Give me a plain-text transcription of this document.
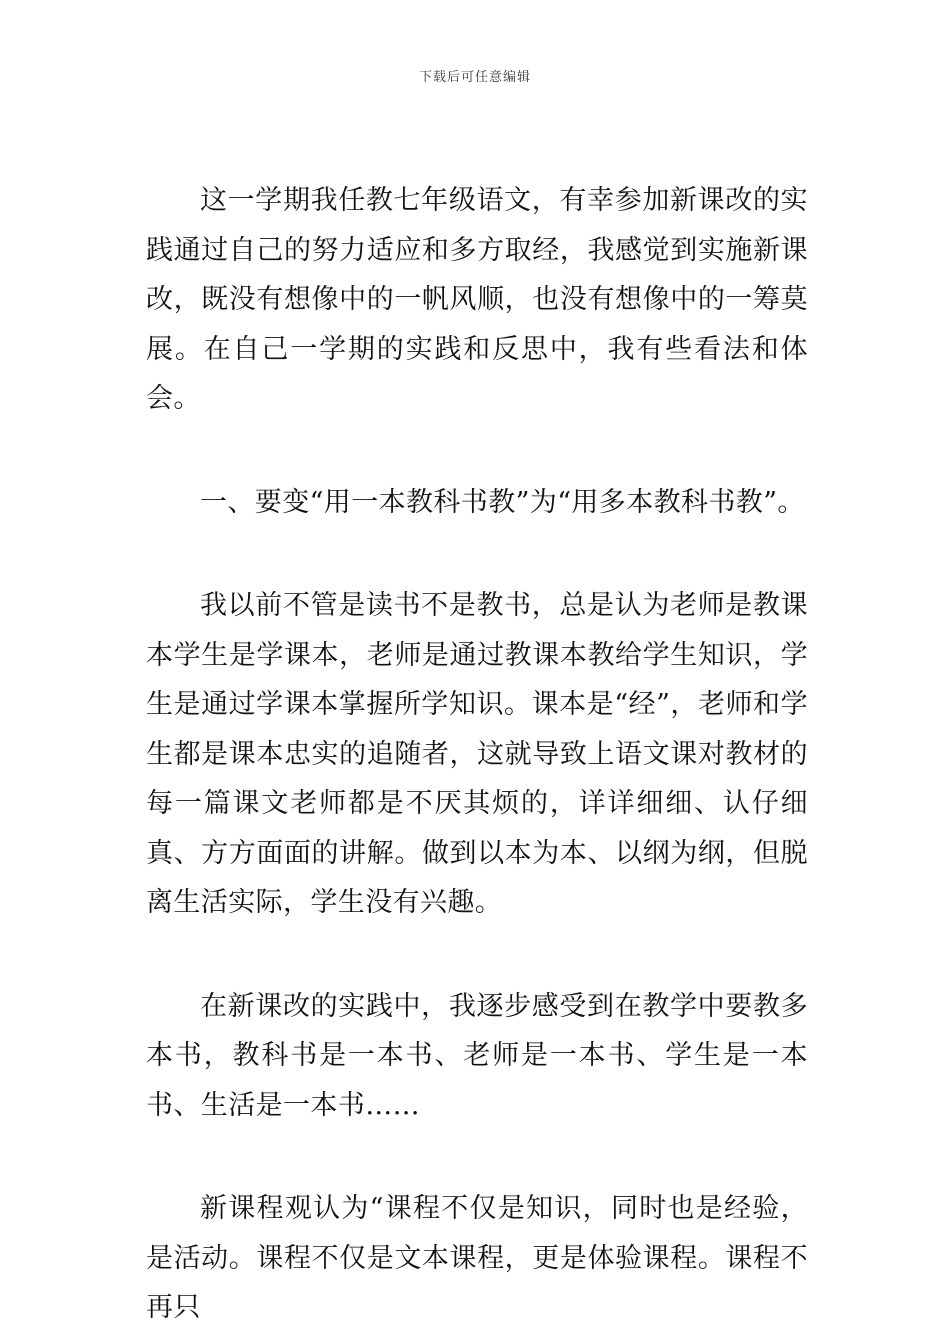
下载后可任意编辑

这一学期我任教七年级语文，有幸参加新课改的实践通过自己的努力适应和多方取经，我感觉到实施新课改，既没有想像中的一帆风顺，也没有想像中的一筹莫展。在自己一学期的实践和反思中，我有些看法和体会。

一、要变“用一本教科书教”为“用多本教科书教”。

我以前不管是读书不是教书，总是认为老师是教课本学生是学课本，老师是通过教课本教给学生知识，学生是通过学课本掌握所学知识。课本是“经”，老师和学生都是课本忠实的追随者，这就导致上语文课对教材的每一篇课文老师都是不厌其烦的，详详细细、认仔细真、方方面面的讲解。做到以本为本、以纲为纲，但脱离生活实际，学生没有兴趣。

在新课改的实践中，我逐步感受到在教学中要教多本书，教科书是一本书、老师是一本书、学生是一本书、生活是一本书……

新课程观认为“课程不仅是知识，同时也是经验，是活动。课程不仅是文本课程，更是体验课程。课程不再只
